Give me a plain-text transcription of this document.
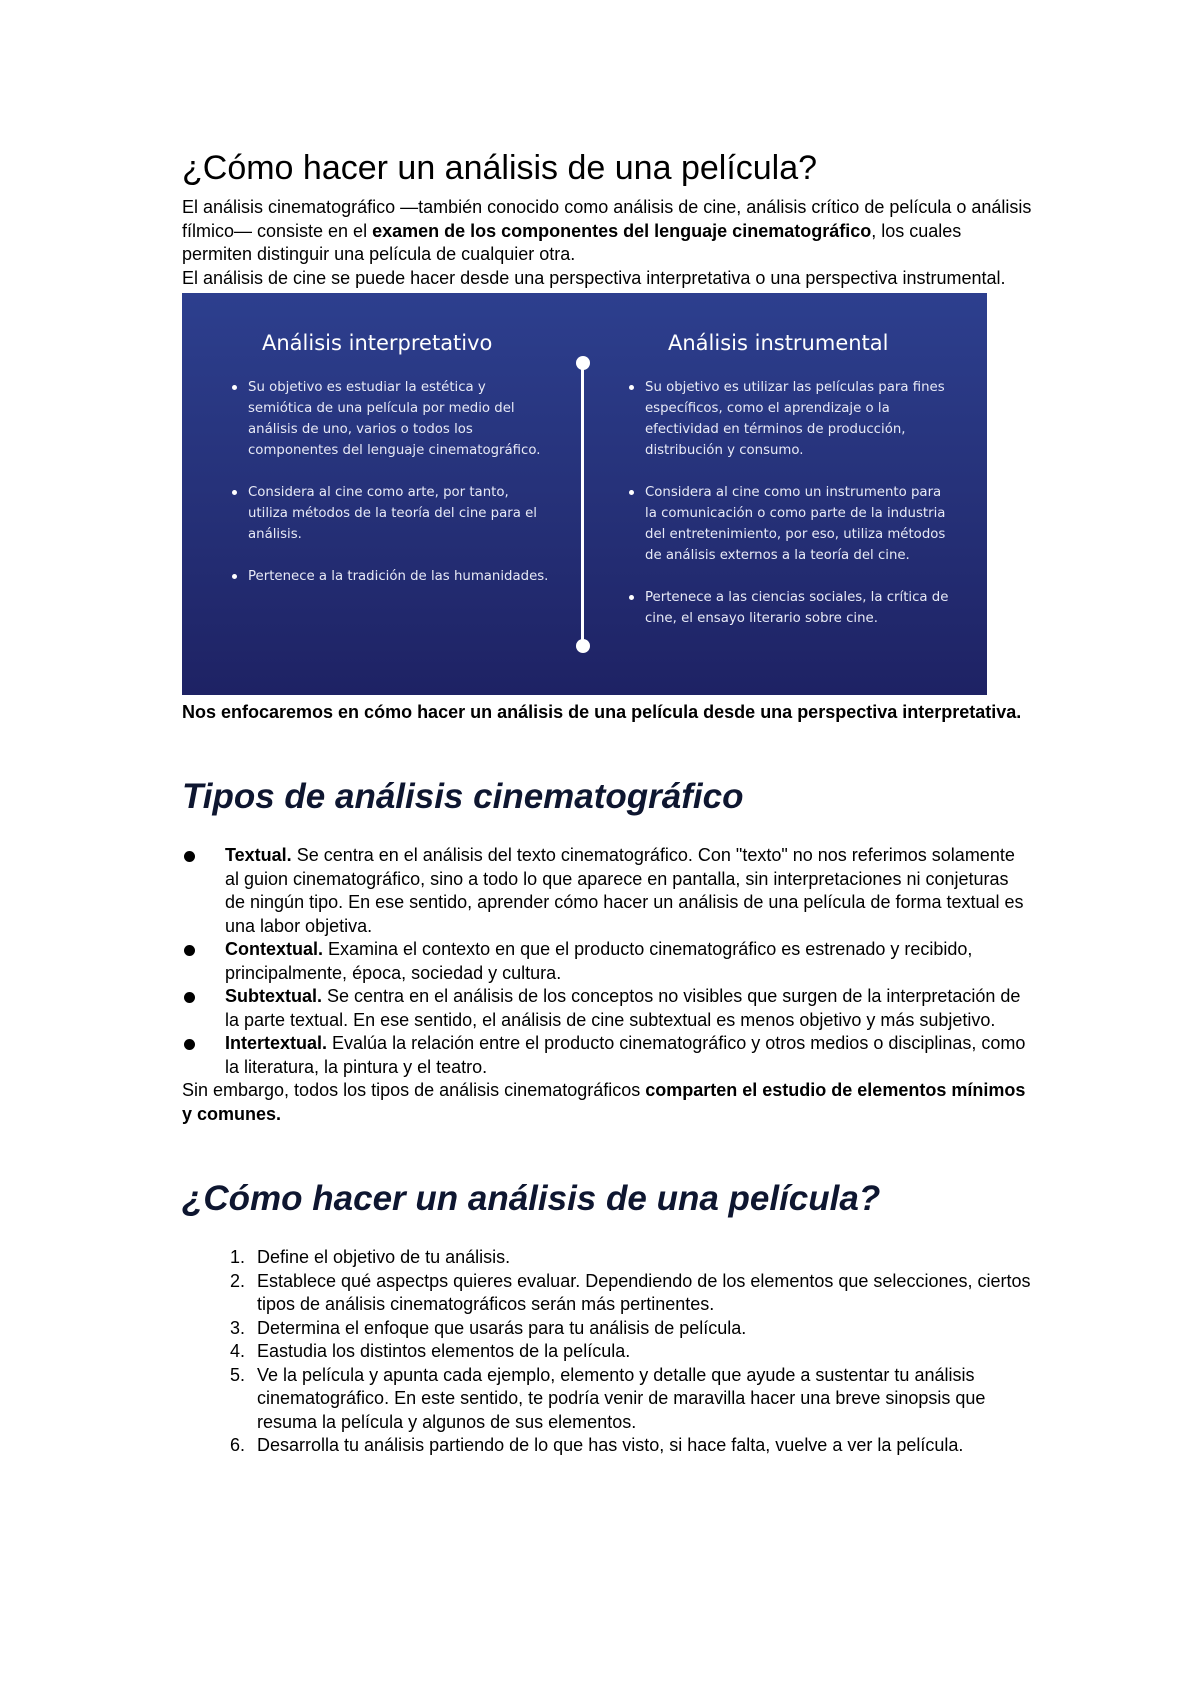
¿Cómo hacer un análisis de una película?

El análisis cinematográfico —también conocido como análisis de cine, análisis crítico de película o análisis fílmico— consiste en el examen de los componentes del lenguaje cinematográfico, los cuales permiten distinguir una película de cualquier otra.

El análisis de cine se puede hacer desde una perspectiva interpretativa o una perspectiva instrumental.

Análisis interpretativo	Análisis instrumental
Su objetivo es estudiar la estética y semiótica de una película por medio del análisis de uno, varios o todos los componentes del lenguaje cinematográfico.
Considera al cine como arte, por tanto, utiliza métodos de la teoría del cine para el análisis.
Pertenece a la tradición de las humanidades.
Su objetivo es utilizar las películas para fines específicos, como el aprendizaje o la efectividad en términos de producción, distribución y consumo.
Considera al cine como un instrumento para la comunicación o como parte de la industria del entretenimiento, por eso, utiliza métodos de análisis externos a la teoría del cine.
Pertenece a las ciencias sociales, la crítica de cine, el ensayo literario sobre cine.

Nos enfocaremos en cómo hacer un análisis de una película desde una perspectiva interpretativa.

Tipos de análisis cinematográfico
Textual. Se centra en el análisis del texto cinematográfico. Con "texto" no nos referimos solamente al guion cinematográfico, sino a todo lo que aparece en pantalla, sin interpretaciones ni conjeturas de ningún tipo. En ese sentido, aprender cómo hacer un análisis de una película de forma textual es una labor objetiva.
Contextual. Examina el contexto en que el producto cinematográfico es estrenado y recibido, principalmente, época, sociedad y cultura.
Subtextual. Se centra en el análisis de los conceptos no visibles que surgen de la interpretación de la parte textual. En ese sentido, el análisis de cine subtextual es menos objetivo y más subjetivo.
Intertextual. Evalúa la relación entre el producto cinematográfico y otros medios o disciplinas, como la literatura, la pintura y el teatro.

Sin embargo, todos los tipos de análisis cinematográficos comparten el estudio de elementos mínimos y comunes.

¿Cómo hacer un análisis de una película?
1. Define el objetivo de tu análisis.
2. Establece qué aspectps quieres evaluar. Dependiendo de los elementos que selecciones, ciertos tipos de análisis cinematográficos serán más pertinentes.
3. Determina el enfoque que usarás para tu análisis de película.
4. Eastudia los distintos elementos de la película.
5. Ve la película y apunta cada ejemplo, elemento y detalle que ayude a sustentar tu análisis cinematográfico. En este sentido, te podría venir de maravilla hacer una breve sinopsis que resuma la película y algunos de sus elementos.
6. Desarrolla tu análisis partiendo de lo que has visto, si hace falta, vuelve a ver la película.
